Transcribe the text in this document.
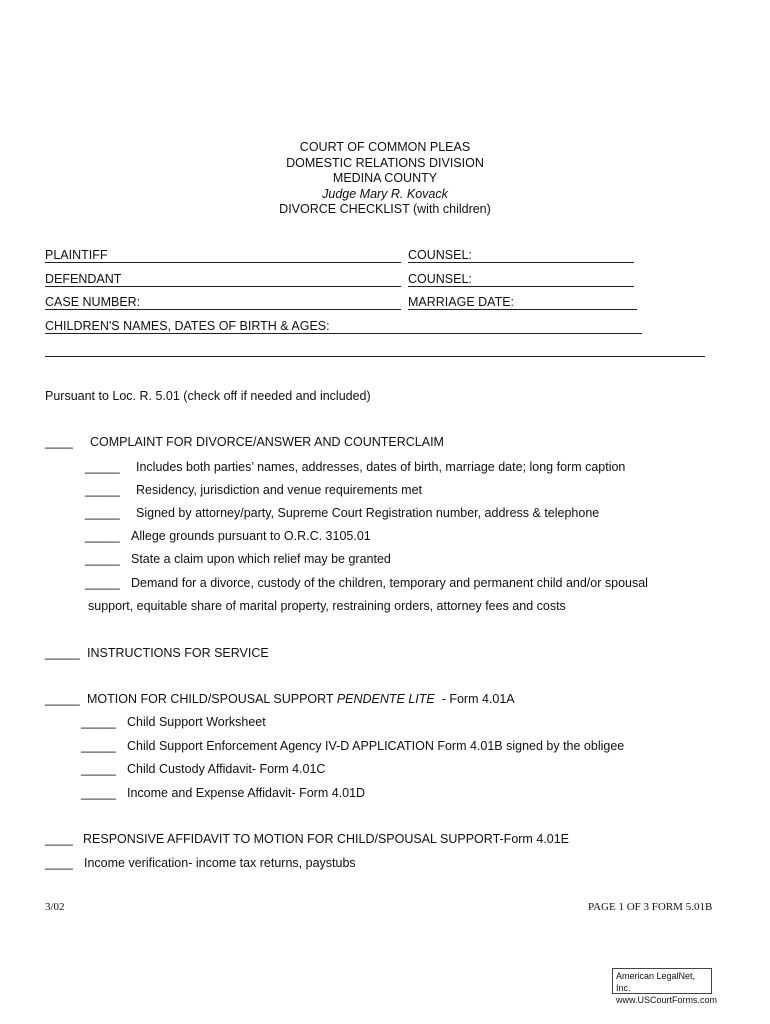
COURT OF COMMON PLEAS
DOMESTIC RELATIONS DIVISION
MEDINA COUNTY
Judge Mary R. Kovack
DIVORCE CHECKLIST (with children)
PLAINTIFF	COUNSEL:
DEFENDANT	COUNSEL:
CASE NUMBER:	MARRIAGE DATE:
CHILDREN'S NAMES, DATES OF BIRTH & AGES:
Pursuant to Loc. R. 5.01 (check off if needed and included)
____ COMPLAINT FOR DIVORCE/ANSWER AND COUNTERCLAIM
_____ Includes both parties’ names, addresses, dates of birth, marriage date; long form caption
_____ Residency, jurisdiction and venue requirements met
_____ Signed by attorney/party, Supreme Court Registration number, address & telephone
_____ Allege grounds pursuant to O.R.C. 3105.01
_____ State a claim upon which relief may be granted
_____ Demand for a divorce, custody of the children, temporary and permanent child and/or spousal
support, equitable share of marital property, restraining orders, attorney fees and costs
_____ INSTRUCTIONS FOR SERVICE
_____ MOTION FOR CHILD/SPOUSAL SUPPORT PENDENTE LITE  - Form 4.01A
_____ Child Support Worksheet
_____ Child Support Enforcement Agency IV-D APPLICATION Form 4.01B signed by the obligee
_____ Child Custody Affidavit- Form 4.01C
_____ Income and Expense Affidavit- Form 4.01D
____ RESPONSIVE AFFIDAVIT TO MOTION FOR CHILD/SPOUSAL SUPPORT-Form 4.01E
____ Income verification- income tax returns, paystubs
3/02	PAGE 1 OF 3 FORM 5.01B
American LegalNet, Inc.
www.USCourtForms.com
